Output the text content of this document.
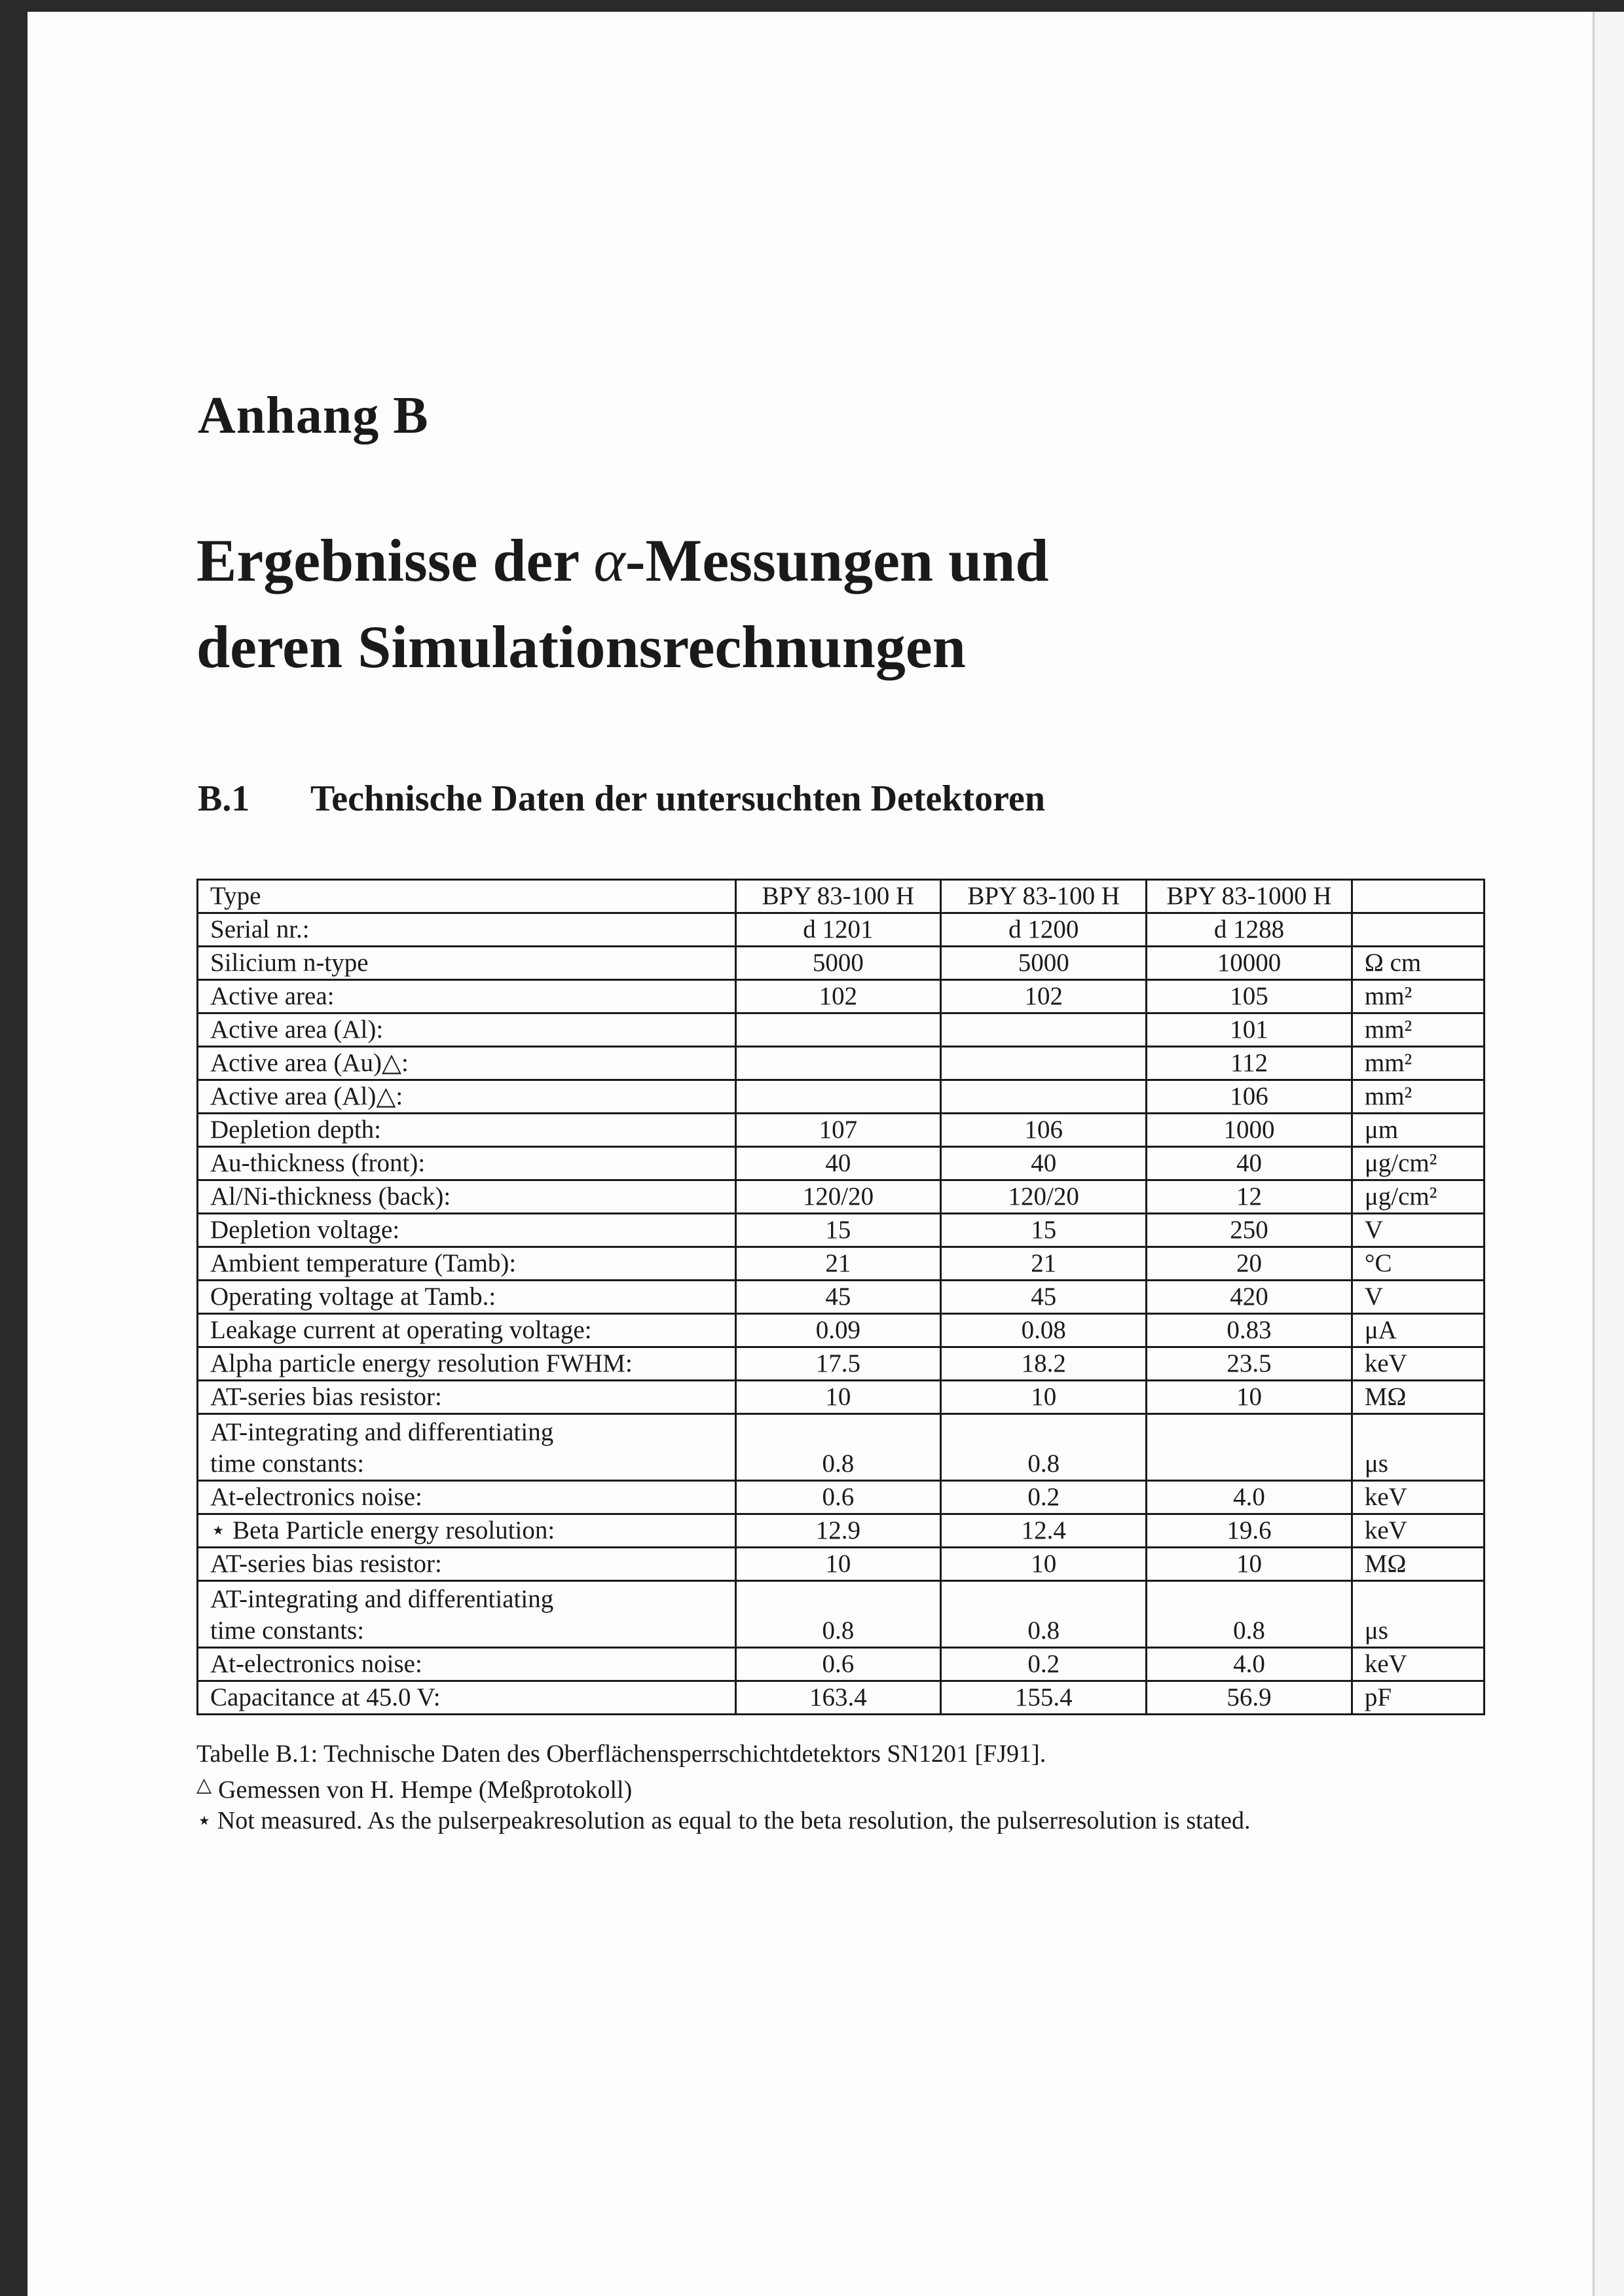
Anhang B
Ergebnisse der α-Messungen und
deren Simulationsrechnungen
B.1 Technische Daten der untersuchten Detektoren
Type	BPY 83-100 H	BPY 83-100 H	BPY 83-1000 H	
Serial nr.:	d 1201	d 1200	d 1288	
Silicium n-type	5000	5000	10000	Ω cm
Active area:	102	102	105	mm²
Active area (Al):			101	mm²
Active area (Au)△:			112	mm²
Active area (Al)△:			106	mm²
Depletion depth:	107	106	1000	μm
Au-thickness (front):	40	40	40	μg/cm²
Al/Ni-thickness (back):	120/20	120/20	12	μg/cm²
Depletion voltage:	15	15	250	V
Ambient temperature (Tamb):	21	21	20	°C
Operating voltage at Tamb.:	45	45	420	V
Leakage current at operating voltage:	0.09	0.08	0.83	μA
Alpha particle energy resolution FWHM:	17.5	18.2	23.5	keV
AT-series bias resistor:	10	10	10	MΩ

AT-integrating and differentiating
time constants:	0.8	0.8		μs
At-electronics noise:	0.6	0.2	4.0	keV
⋆ Beta Particle energy resolution:	12.9	12.4	19.6	keV
AT-series bias resistor:	10	10	10	MΩ

AT-integrating and differentiating
time constants:	0.8	0.8	0.8	μs
At-electronics noise:	0.6	0.2	4.0	keV
Capacitance at 45.0 V:	163.4	155.4	56.9	pF
Tabelle B.1: Technische Daten des Oberflächensperrschichtdetektors SN1201 [FJ91].
△ Gemessen von H. Hempe (Meßprotokoll)
⋆ Not measured. As the pulserpeakresolution as equal to the beta resolution, the pulserresolution is stated.
